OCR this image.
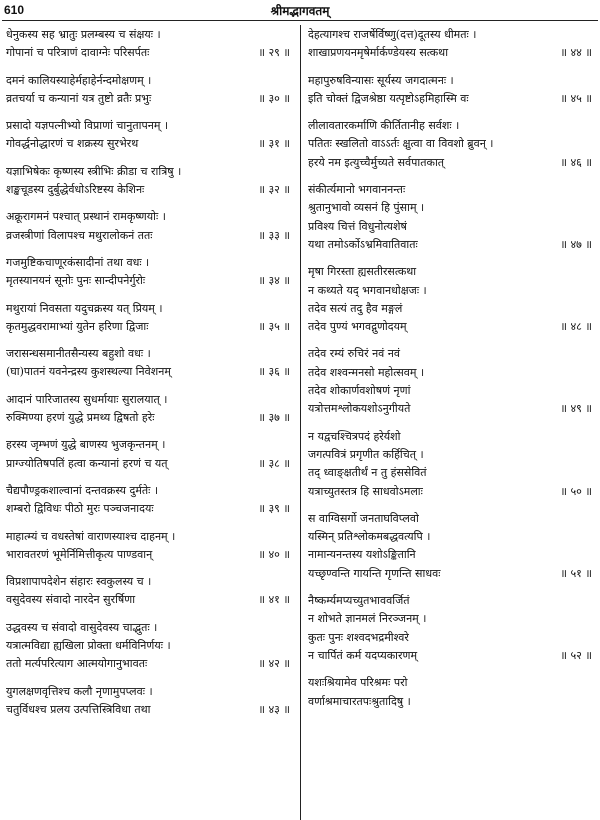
610	श्रीमद्भागवतम्
धेनुकस्य सह भ्रातुः प्रलम्बस्य च संक्षयः ।
गोपानां च परित्राणं दावाग्नेः परिसर्पतः	॥ २९ ॥
दमनं कालियस्याहेर्महाहेर्नन्दमोक्षणम् ।
व्रतचर्या च कन्यानां यत्र तुष्टो व्रतैः प्रभुः	॥ ३० ॥
प्रसादो यज्ञपत्नीभ्यो विप्राणां चानुतापनम् ।
गोवर्द्धनोद्धारणं च शक्रस्य सुरभेरथ	॥ ३१ ॥
यज्ञाभिषेकः कृष्णस्य स्त्रीभिः क्रीडा च रात्रिषु ।
शङ्खचूडस्य दुर्बुद्धेर्वधोऽरिष्टस्य केशिनः	॥ ३२ ॥
अक्रूरागमनं पश्चात् प्रस्थानं रामकृष्णयोः ।
व्रजस्त्रीणां विलापश्च मथुरालोकनं ततः	॥ ३३ ॥
गजमुष्टिकचाणूरकंसादीनां तथा वधः ।
मृतस्यानयनं सूनोः पुनः सान्दीपनेर्गुरोः	॥ ३४ ॥
मथुरायां निवसता यदुचक्रस्य यत् प्रियम् ।
कृतमुद्धवरामाभ्यां युतेन हरिणा द्विजाः	॥ ३५ ॥
जरासन्धसमानीतसैन्यस्य बहुशो वधः ।
(घा)पातनं यवनेन्द्रस्य कुशस्थल्या निवेशनम्	॥ ३६ ॥
आदानं पारिजातस्य सुधर्मायाः सुरालयात् ।
रुक्मिण्या हरणं युद्धे प्रमथ्य द्विषतो हरेः	॥ ३७ ॥
हरस्य जृम्भणं युद्धे बाणस्य भुजकृन्तनम् ।
प्राग्ज्योतिषपतिं हत्वा कन्यानां हरणं च यत्	॥ ३८ ॥
चैद्यपौण्ड्रकशाल्वानां दन्तवक्रस्य दुर्मतेः ।
शम्बरो द्विविधः पीठो मुरः पञ्चजनादयः	॥ ३९ ॥
माहात्म्यं च वधस्तेषां वाराणस्याश्च दाहनम् ।
भारावतरणं भूमेर्निमित्तीकृत्य पाण्डवान्	॥ ४० ॥
विप्रशापापदेशेन संहारः स्वकुलस्य च ।
वसुदेवस्य संवादो नारदेन सुरर्षिणा	॥ ४१ ॥
उद्धवस्य च संवादो वासुदेवस्य चाद्भुतः ।
यत्रात्मविद्या ह्यखिला प्रोक्ता धर्मविनिर्णयः ।
ततो मर्त्यपरित्याग आत्मयोगानुभावतः	॥ ४२ ॥
युगलक्षणवृत्तिश्च कलौ नृणामुपप्लवः ।
चतुर्विधश्च प्रलय उत्पत्तिस्त्रिविधा तथा	॥ ४३ ॥
देहत्यागश्च राजर्षेर्विष्णु(दत्त)दूतस्य धीमतः ।
शाखाप्रणयनमृषेर्मार्कण्डेयस्य सत्कथा	॥ ४४ ॥
महापुरुषविन्यासः सूर्यस्य जगदात्मनः ।
इति चोक्तं द्विजश्रेष्ठा यत्पृष्टोऽहमिहास्मि वः	॥ ४५ ॥
लीलावतारकर्माणि कीर्तितानीह सर्वशः ।
पतितः स्खलितो वाऽऽर्तः क्षुत्वा वा विवशो ब्रुवन् ।
हरये नम इत्युच्चैर्मुच्यते सर्वपातकात्	॥ ४६ ॥
संकीर्त्यमानो भगवाननन्तः
श्रुतानुभावो व्यसनं हि पुंसाम् ।
प्रविश्य चित्तं विधुनोत्यशेषं
यथा तमोऽर्कोऽभ्रमिवातिवातः	॥ ४७ ॥
मृषा गिरस्ता ह्यसतीरसत्कथा
न कथ्यते यद् भगवानधोक्षजः ।
तदेव सत्यं तदु हैव मङ्गलं
तदेव पुण्यं भगवद्गुणोदयम्	॥ ४८ ॥
तदेव रम्यं रुचिरं नवं नवं
तदेव शश्वन्मनसो महोत्सवम् ।
तदेव शोकार्णवशोषणं नृणां
यत्रोत्तमश्लोकयशोऽनुगीयते	॥ ४९ ॥
न यद्वचश्चित्रपदं हरेर्यशो
जगत्पवित्रं प्रगृणीत कर्हिचित् ।
तद् ध्वाङ्क्षतीर्थं न तु हंससेवितं
यत्राच्युतस्तत्र हि साधवोऽमलाः	॥ ५० ॥
स वाग्विसर्गो जनताघविप्लवो
यस्मिन् प्रतिश्लोकमबद्धवत्यपि ।
नामान्यनन्तस्य यशोऽङ्कितानि
यच्छृण्वन्ति गायन्ति गृणन्ति साधवः	॥ ५१ ॥
नैष्कर्म्यमप्यच्युतभाववर्जितं
न शोभते ज्ञानमलं निरञ्जनम् ।
कुतः पुनः शश्वदभद्रमीश्वरे
न चार्पितं कर्म यदप्यकारणम्	॥ ५२ ॥
यशःश्रियामेव परिश्रमः परो
वर्णाश्रमाचारतपःश्रुतादिषु ।
